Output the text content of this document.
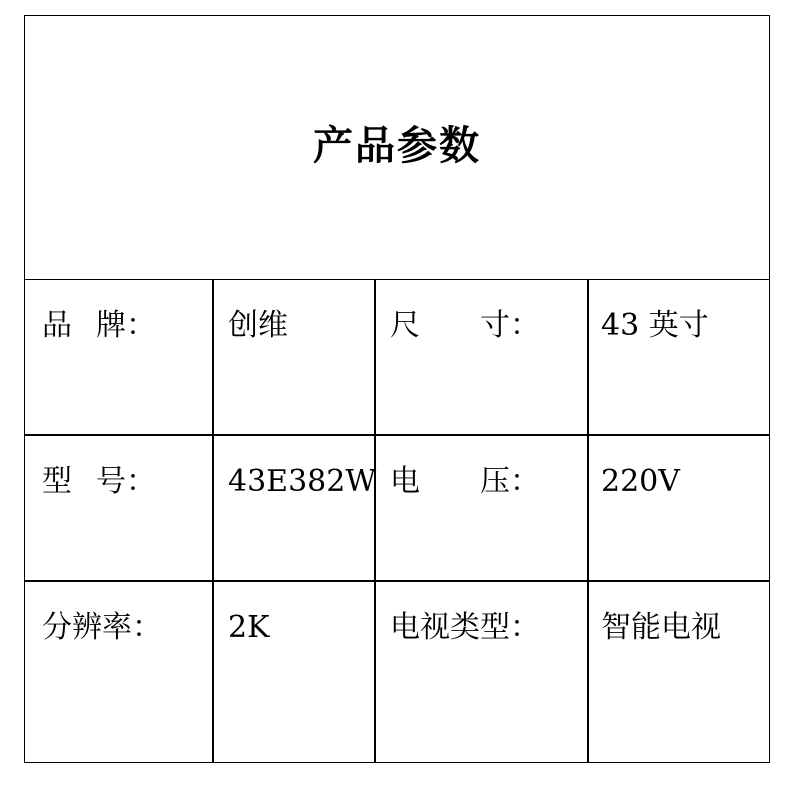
产品参数
品 牌： 创维	尺 寸： 43 英寸
型 号： 43E382W 电 压： 220V
分辨率： 2K	电视类型： 智能电视
